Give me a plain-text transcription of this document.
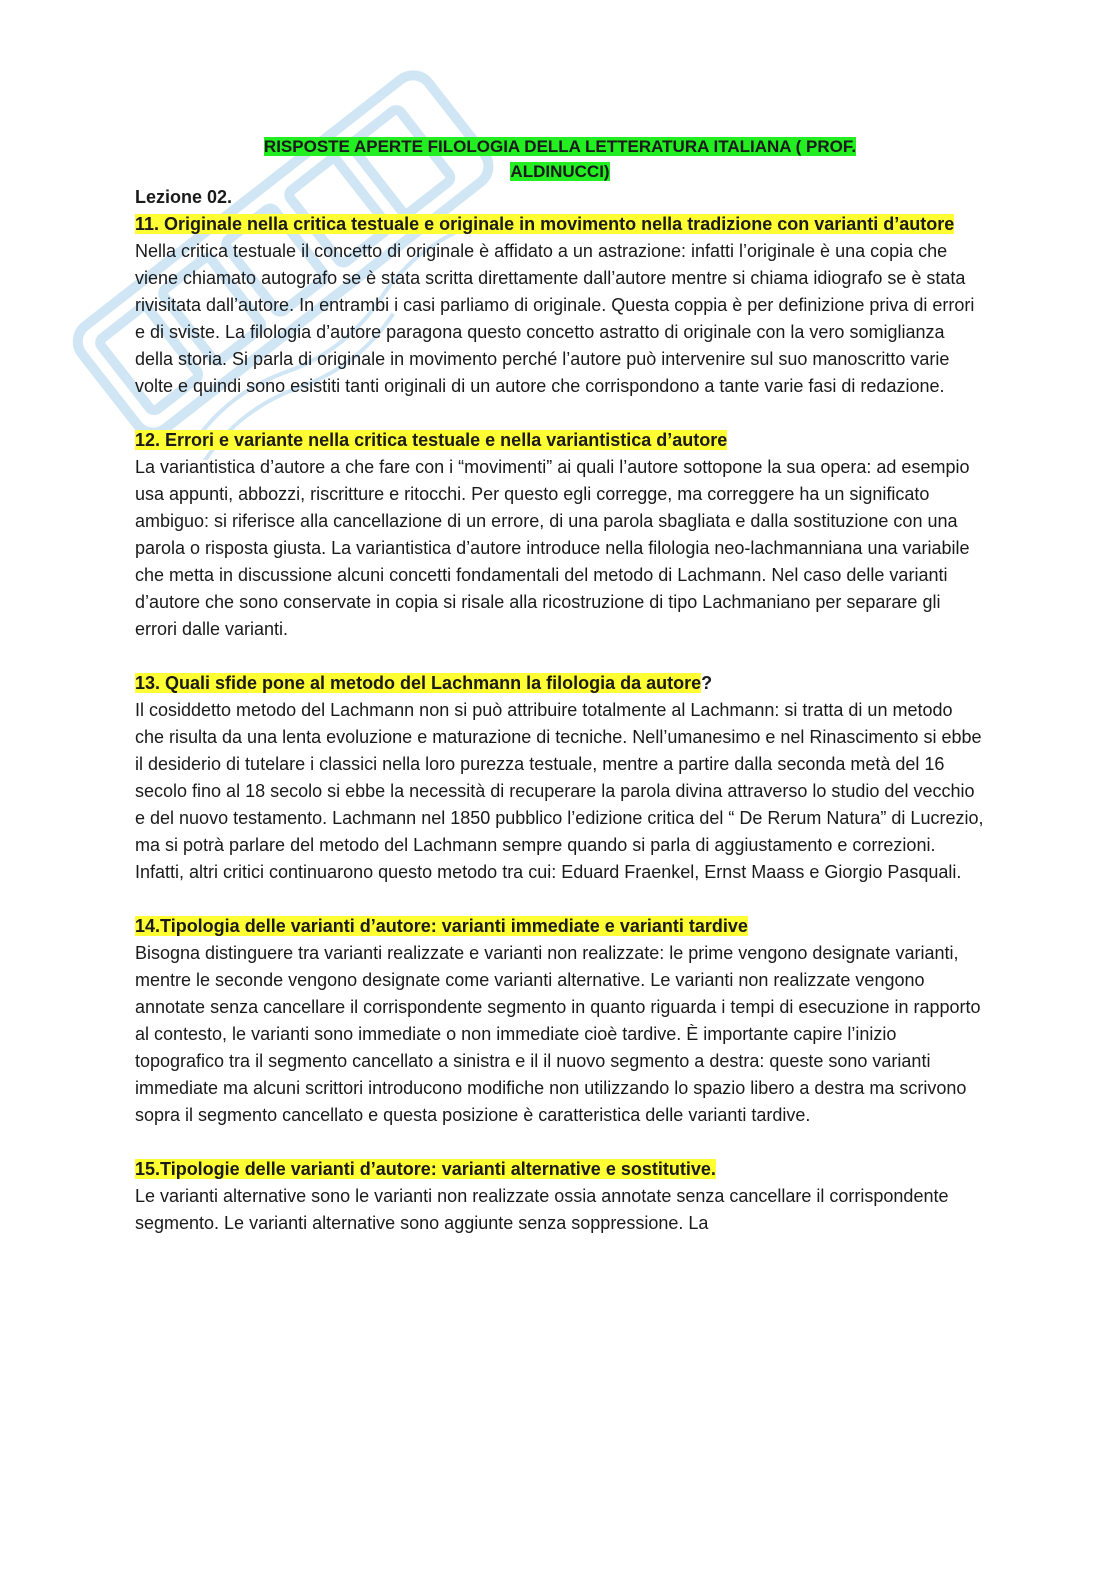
RISPOSTE APERTE FILOLOGIA DELLA LETTERATURA ITALIANA ( PROF.
ALDINUCCI)

Lezione 02.

11. Originale nella critica testuale e originale in movimento nella tradizione con varianti d’autore

Nella critica testuale il concetto di originale è affidato a un astrazione: infatti l’originale è una copia che viene chiamato autografo se è stata scritta direttamente dall’autore mentre si chiama idiografo se è stata rivisitata dall’autore. In entrambi i casi parliamo di originale. Questa coppia è per definizione priva di errori e di sviste. La filologia d’autore paragona questo concetto astratto di originale con la vero somiglianza della storia. Si parla di originale in movimento perché l’autore può intervenire sul suo manoscritto varie volte e quindi sono esistiti tanti originali di un autore che corrispondono a tante varie fasi di redazione.

12. Errori e variante nella critica testuale e nella variantistica d’autore

La variantistica d’autore a che fare con i “movimenti” ai quali l’autore sottopone la sua opera: ad esempio usa appunti, abbozzi, riscritture e ritocchi. Per questo egli corregge, ma correggere ha un significato ambiguo: si riferisce alla cancellazione di un errore, di una parola sbagliata e dalla sostituzione con una parola o risposta giusta. La variantistica d’autore introduce nella filologia neo-lachmanniana una variabile che metta in discussione alcuni concetti fondamentali del metodo di Lachmann. Nel caso delle varianti d’autore che sono conservate in copia si risale alla ricostruzione di tipo Lachmaniano per separare gli errori dalle varianti.

13. Quali sfide pone al metodo del Lachmann la filologia da autore?

Il cosiddetto metodo del Lachmann non si può attribuire totalmente al Lachmann: si tratta di un metodo che risulta da una lenta evoluzione e maturazione di tecniche. Nell’umanesimo e nel Rinascimento si ebbe il desiderio di tutelare i classici nella loro purezza testuale, mentre a partire dalla seconda metà del 16 secolo fino al 18 secolo si ebbe la necessità di recuperare la parola divina attraverso lo studio del vecchio e del nuovo testamento. Lachmann nel 1850 pubblico l’edizione critica del “ De Rerum Natura” di Lucrezio, ma si potrà parlare del metodo del Lachmann sempre quando si parla di aggiustamento e correzioni. Infatti, altri critici continuarono questo metodo tra cui: Eduard Fraenkel, Ernst Maass e Giorgio Pasquali.

14.Tipologia delle varianti d’autore: varianti immediate e varianti tardive

Bisogna distinguere tra varianti realizzate e varianti non realizzate: le prime vengono designate varianti, mentre le seconde vengono designate come varianti alternative. Le varianti non realizzate vengono annotate senza cancellare il corrispondente segmento in quanto riguarda i tempi di esecuzione in rapporto al contesto, le varianti sono immediate o non immediate cioè tardive. È importante capire l’inizio topografico tra il segmento cancellato a sinistra e il il nuovo segmento a destra: queste sono varianti immediate ma alcuni scrittori introducono modifiche non utilizzando lo spazio libero a destra ma scrivono sopra il segmento cancellato e questa posizione è caratteristica delle varianti tardive.

15.Tipologie delle varianti d’autore: varianti alternative e sostitutive.

Le varianti alternative sono le varianti non realizzate ossia annotate senza cancellare il corrispondente segmento. Le varianti alternative sono aggiunte senza soppressione. La
